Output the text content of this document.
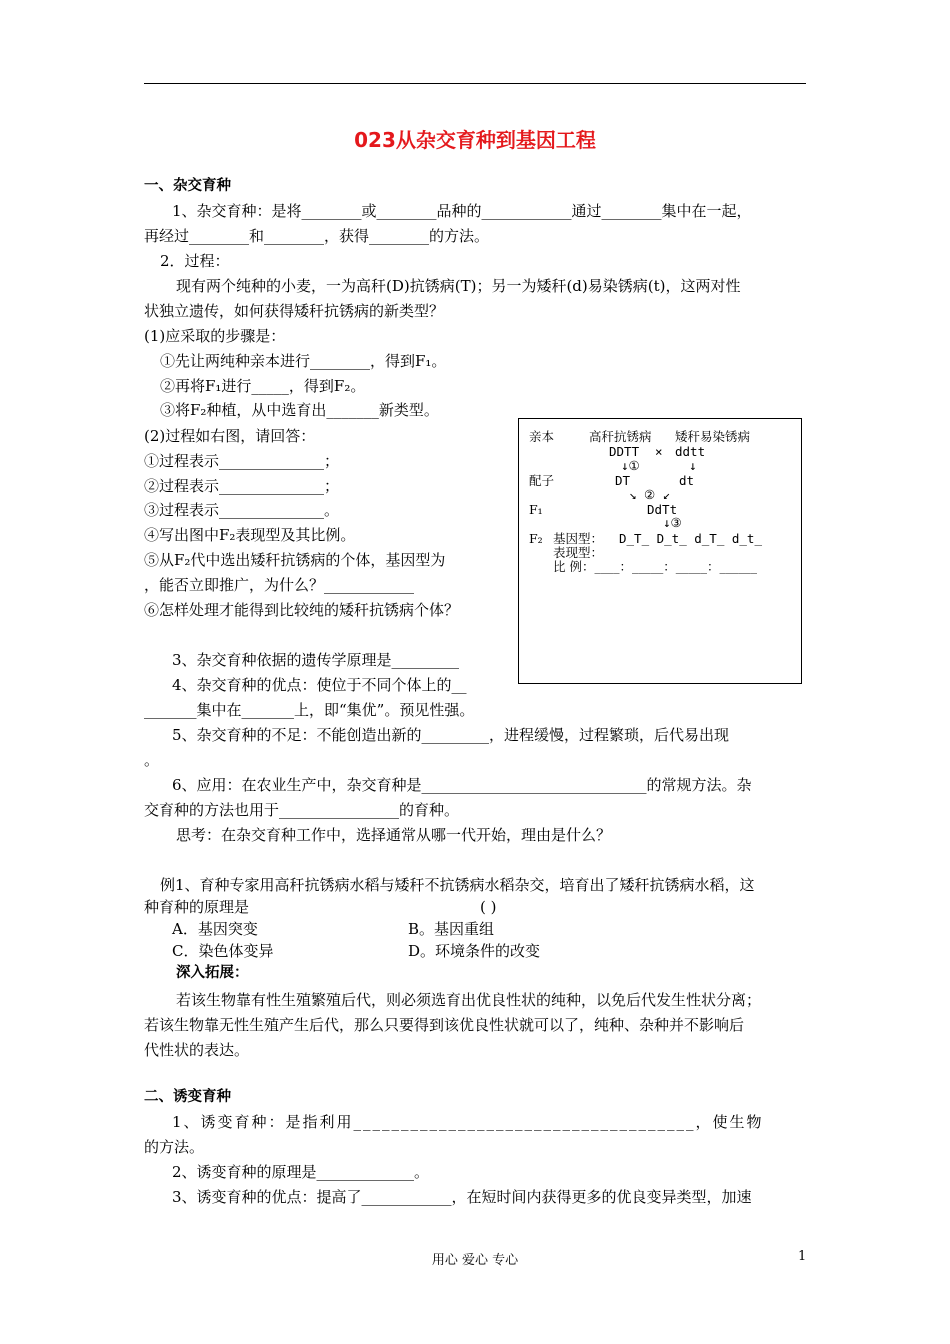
023从杂交育种到基因工程
一、杂交育种
1、杂交育种：是将________或________品种的____________通过________集中在一起，
再经过________和________，获得________的方法。
2．过程：
现有两个纯种的小麦，一为高秆(D)抗锈病(T)；另一为矮秆(d)易染锈病(t)，这两对性
状独立遗传，如何获得矮秆抗锈病的新类型？
(1)应采取的步骤是：
①先让两纯种亲本进行________，得到F₁。
②再将F₁进行_____，得到F₂。
③将F₂种植，从中选育出_______新类型。
(2)过程如右图，请回答：
①过程表示______________；
②过程表示______________；
③过程表示______________。
④写出图中F₂表现型及其比例。
⑤从F₂代中选出矮秆抗锈病的个体，基因型为
，能否立即推广，为什么？____________
⑥怎样处理才能得到比较纯的矮秆抗锈病个体？
3、杂交育种依据的遗传学原理是_________
4、杂交育种的优点：使位于不同个体上的__
_______集中在_______上，即“集优”。预见性强。
5、杂交育种的不足：不能创造出新的_________，进程缓慢，过程繁琐，后代易出现
。
6、应用：在农业生产中，杂交育种是______________________________的常规方法。杂
交育种的方法也用于________________的育种。
思考：在杂交育种工作中，选择通常从哪一代开始，理由是什么？
亲本	高秆抗锈病 矮秆易染锈病
DDTT × ddtt
↓①	↓
配子	DT	dt
↘ ② ↙
F₁	DdTt
↓③
F₂ 基因型： D_T_ D_t_ d_T_ d_t_
表现型：
比 例：____：_____：_____：______
例1、育种专家用高秆抗锈病水稻与矮秆不抗锈病水稻杂交，培育出了矮秆抗锈病水稻，这
种育种的原理是	( )
A．基因突变	B。基因重组
C．染色体变异	D。环境条件的改变
深入拓展：
若该生物靠有性生殖繁殖后代，则必须选育出优良性状的纯种，以免后代发生性状分离；
若该生物靠无性生殖产生后代，那么只要得到该优良性状就可以了，纯种、杂种并不影响后
代性状的表达。
二、诱变育种
1、诱变育种：是指利用____________________________________，使生物
的方法。
2、诱变育种的原理是_____________。
3、诱变育种的优点：提高了____________，在短时间内获得更多的优良变异类型，加速
用心 爱心 专心	1
